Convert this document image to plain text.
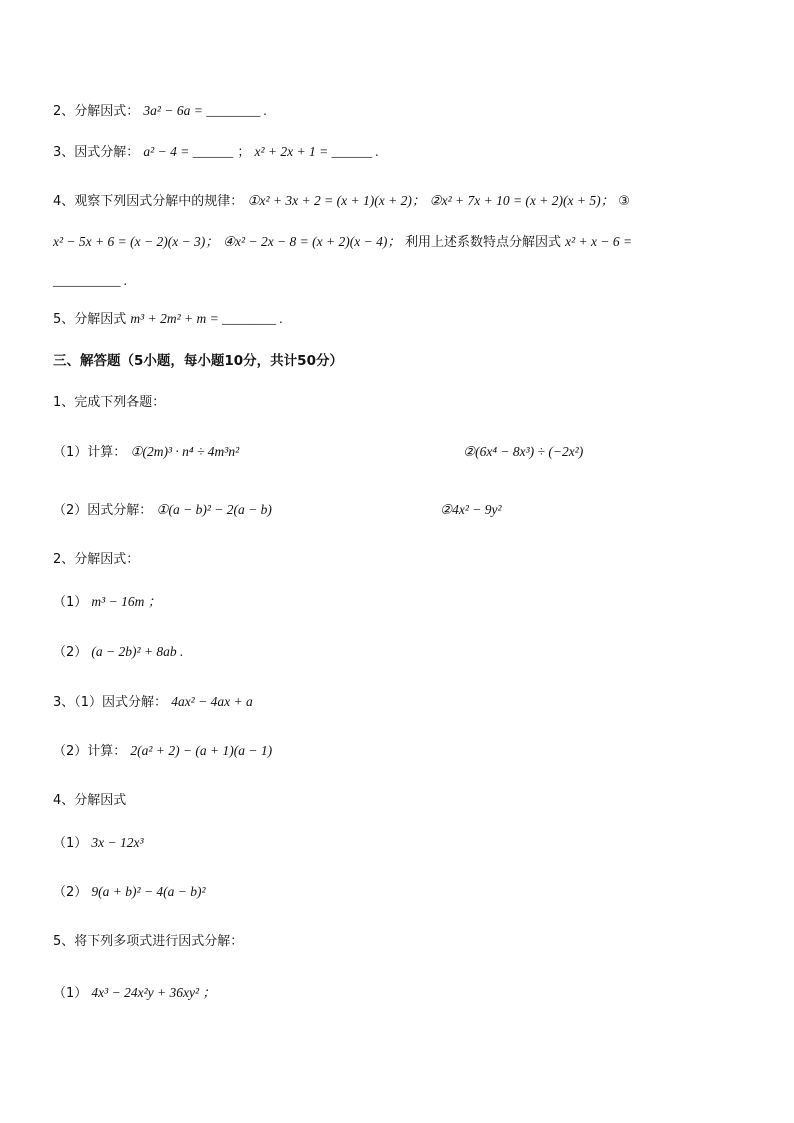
2、分解因式： 3a² − 6a = ________ .
3、因式分解： a² − 4 = ______ ； x² + 2x + 1 = ______ .
4、观察下列因式分解中的规律： ①x² + 3x + 2 = (x + 1)(x + 2)； ②x² + 7x + 10 = (x + 2)(x + 5)； ③
x² − 5x + 6 = (x − 2)(x − 3)； ④x² − 2x − 8 = (x + 2)(x − 4)； 利用上述系数特点分解因式 x² + x − 6 =
__________ .
5、分解因式 m³ + 2m² + m = ________ .
三、解答题（5小题，每小题10分，共计50分）
1、完成下列各题：
（1）计算： ①(2m)³ · n⁴ ÷ 4m³n²	②(6x⁴ − 8x³) ÷ (−2x²)
（2）因式分解： ①(a − b)² − 2(a − b)	②4x² − 9y²
2、分解因式：
（1） m³ − 16m ；
（2） (a − 2b)² + 8ab .
3、（1）因式分解： 4ax² − 4ax + a
（2）计算： 2(a² + 2) − (a + 1)(a − 1)
4、分解因式
（1） 3x − 12x³
（2） 9(a + b)² − 4(a − b)²
5、将下列多项式进行因式分解：
（1） 4x³ − 24x²y + 36xy² ；
